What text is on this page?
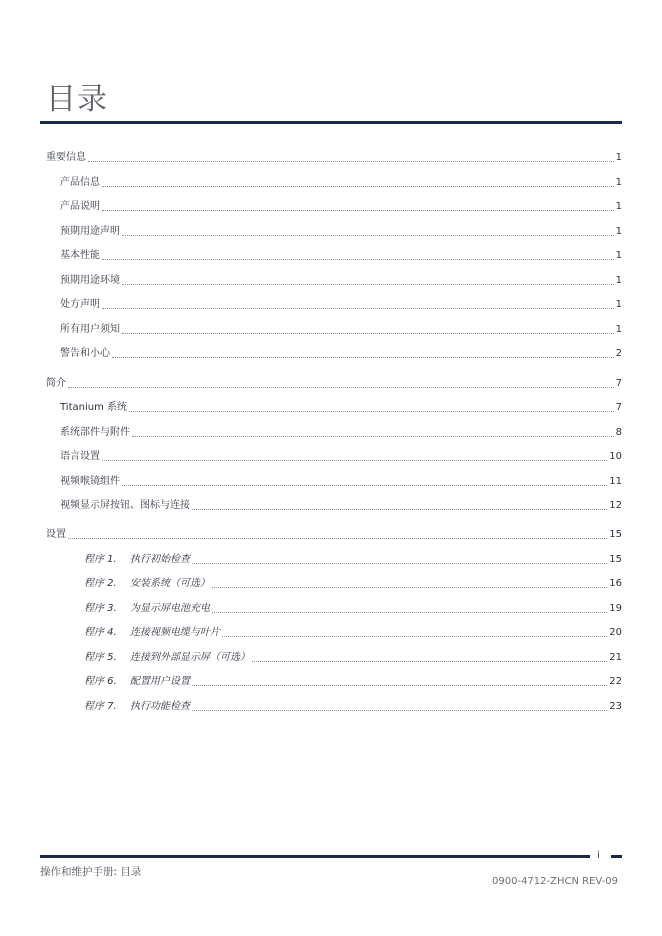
目录
重要信息	1
产品信息	1
产品说明	1
预期用途声明	1
基本性能	1
预期用途环境	1
处方声明	1
所有用户须知	1
警告和小心	2
简介	7
Titanium 系统	7
系统部件与附件	8
语言设置	10
视频喉镜组件	11
视频显示屏按钮、图标与连接	12
设置	15
程序 1. 执行初始检查	15
程序 2. 安装系统（可选）	16
程序 3. 为显示屏电池充电	19
程序 4. 连接视频电缆与叶片	20
程序 5. 连接到外部显示屏（可选）	21
程序 6. 配置用户设置	22
程序 7. 执行功能检查	23
i
操作和维护手册: 目录
0900-4712-ZHCN REV-09
